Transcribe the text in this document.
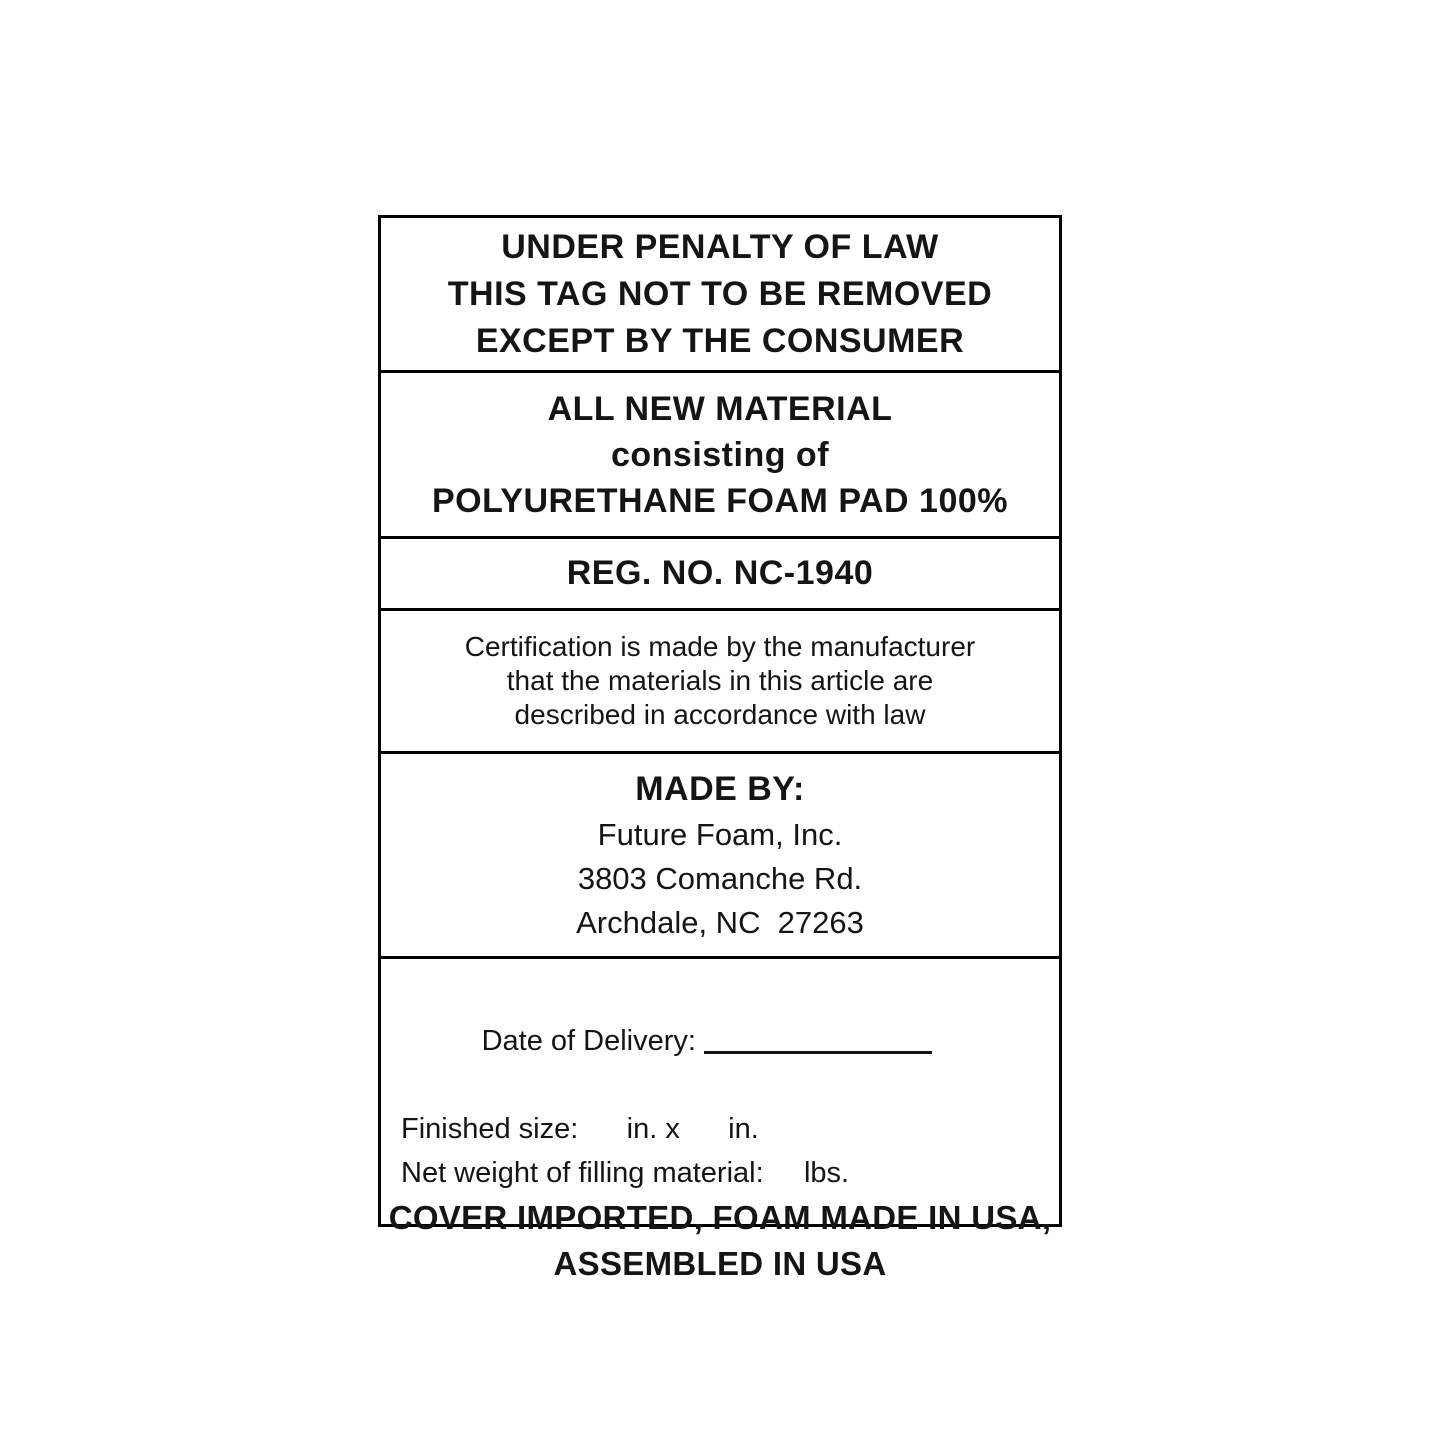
UNDER PENALTY OF LAW
THIS TAG NOT TO BE REMOVED
EXCEPT BY THE CONSUMER
ALL NEW MATERIAL
consisting of
POLYURETHANE FOAM PAD 100%
REG. NO. NC-1940
Certification is made by the manufacturer
that the materials in this article are
described in accordance with law
MADE BY:
Future Foam, Inc.
3803 Comanche Rd.
Archdale, NC  27263

Date of Delivery:

Finished size:      in. x      in.
Net weight of filling material:     lbs.
COVER IMPORTED, FOAM MADE IN USA,
ASSEMBLED IN USA
